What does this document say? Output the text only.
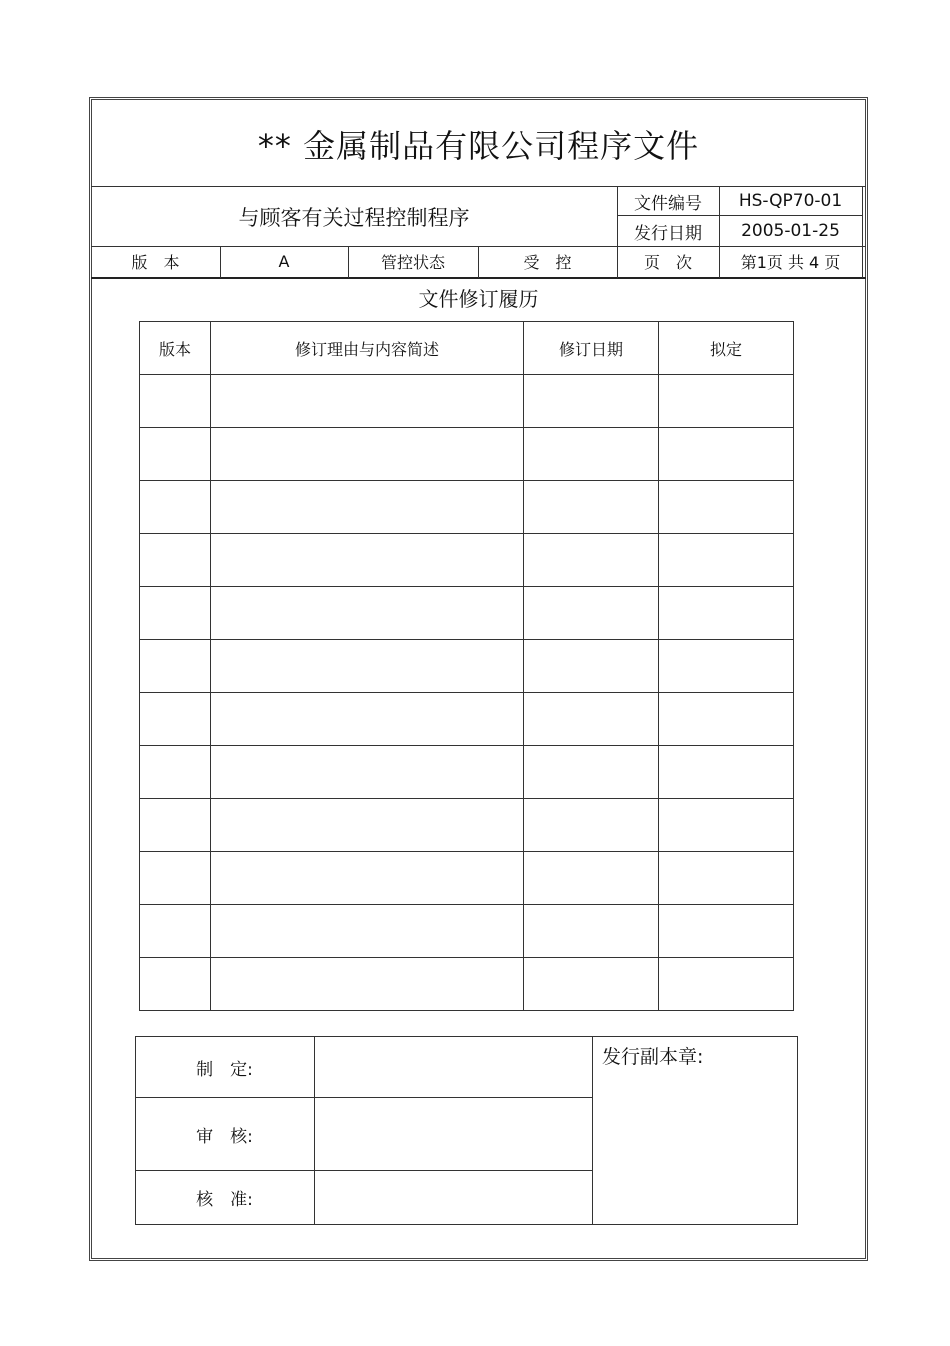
** 金属制品有限公司程序文件
与顾客有关过程控制程序
文件编号	HS-QP70-01
发行日期	2005-01-25
版　本	A	管控状态	受　控	页　次	第1页 共 4 页
文件修订履历
版本	修订理由与内容简述	修订日期	拟定

制　定:
审　核:
核　准:
发行副本章:
